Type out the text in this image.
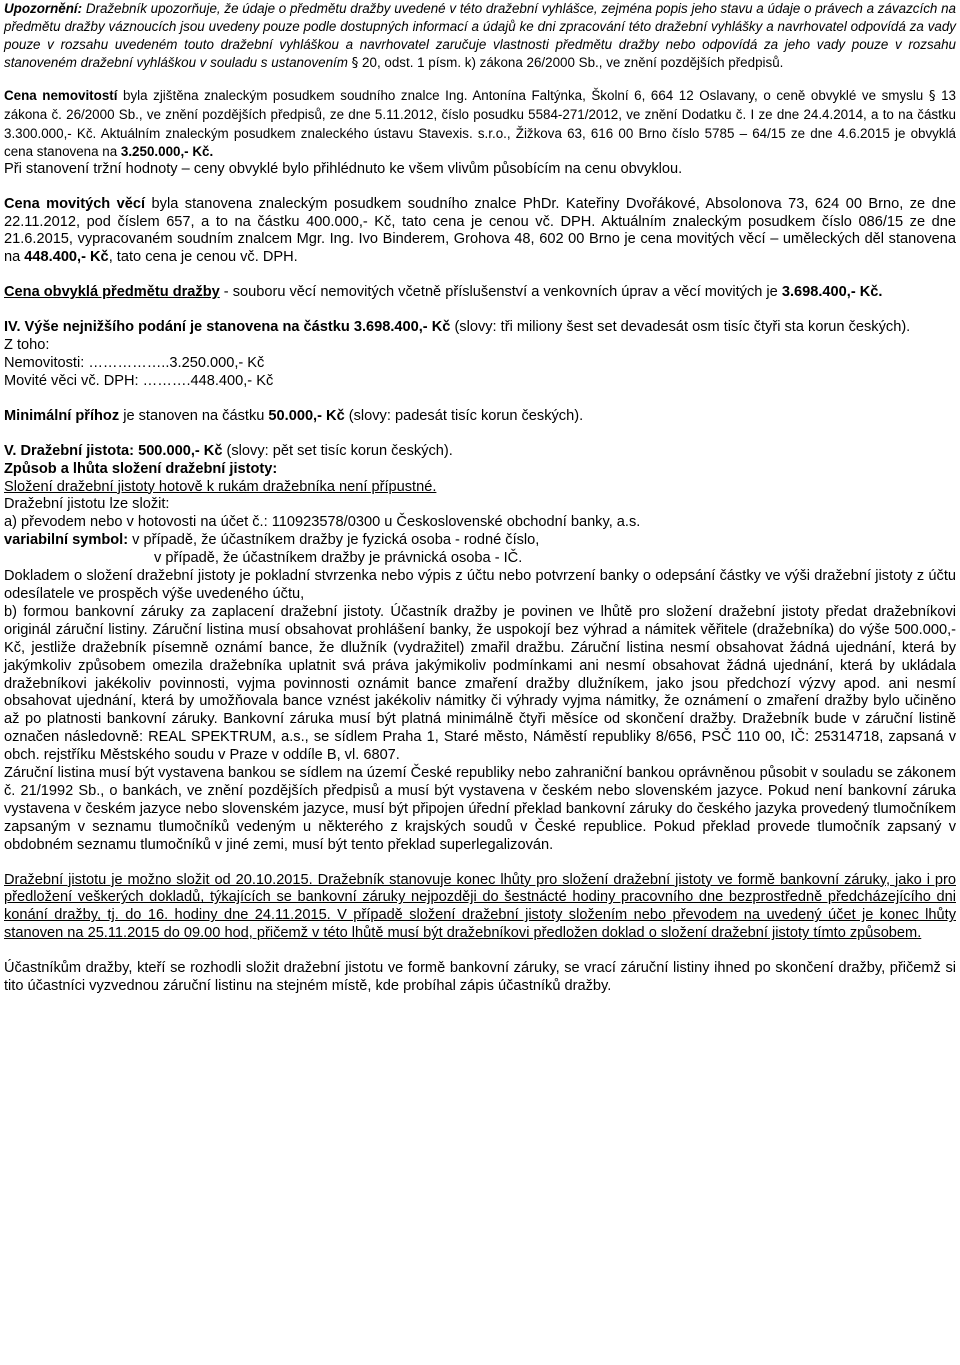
Upozornění: Dražebník upozorňuje, že údaje o předmětu dražby uvedené v této dražební vyhlášce, zejména popis jeho stavu a údaje o právech a závazcích na předmětu dražby váznoucích jsou uvedeny pouze podle dostupných informací a údajů ke dni zpracování této dražební vyhlášky a navrhovatel odpovídá za vady pouze v rozsahu uvedeném touto dražební vyhláškou a navrhovatel zaručuje vlastnosti předmětu dražby nebo odpovídá za jeho vady pouze v rozsahu stanoveném dražební vyhláškou v souladu s ustanovením § 20, odst. 1 písm. k) zákona 26/2000 Sb., ve znění pozdějších předpisů.

Cena nemovitostí byla zjištěna znaleckým posudkem soudního znalce Ing. Antonína Faltýnka, Školní 6, 664 12 Oslavany, o ceně obvyklé ve smyslu § 13 zákona č. 26/2000 Sb., ve znění pozdějších předpisů, ze dne 5.11.2012, číslo posudku 5584-271/2012, ve znění Dodatku č. I ze dne 24.4.2014, a to na částku 3.300.000,- Kč. Aktuálním znaleckým posudkem znaleckého ústavu Stavexis. s.r.o., Žižkova 63, 616 00 Brno číslo 5785 – 64/15 ze dne 4.6.2015 je obvyklá cena stanovena na 3.250.000,- Kč.

Při stanovení tržní hodnoty – ceny obvyklé bylo přihlédnuto ke všem vlivům působícím na cenu obvyklou.

Cena movitých věcí byla stanovena znaleckým posudkem soudního znalce PhDr. Kateřiny Dvořákové, Absolonova 73, 624 00 Brno, ze dne 22.11.2012, pod číslem 657, a to na částku 400.000,- Kč, tato cena je cenou vč. DPH. Aktuálním znaleckým posudkem číslo 086/15 ze dne 21.6.2015, vypracovaném soudním znalcem Mgr. Ing. Ivo Binderem, Grohova 48, 602 00 Brno je cena movitých věcí – uměleckých děl stanovena na 448.400,- Kč, tato cena je cenou vč. DPH.

Cena obvyklá předmětu dražby - souboru věcí nemovitých včetně příslušenství a venkovních úprav a věcí movitých je 3.698.400,- Kč.

IV. Výše nejnižšího podání je stanovena na částku 3.698.400,- Kč (slovy: tři miliony šest set devadesát osm tisíc čtyři sta korun českých).

Z toho:

Nemovitosti: ……………..3.250.000,- Kč

Movité věci vč. DPH: ……….448.400,- Kč

Minimální příhoz je stanoven na částku 50.000,- Kč (slovy: padesát tisíc korun českých).

V. Dražební jistota: 500.000,- Kč (slovy: pět set tisíc korun českých).

Způsob a lhůta složení dražební jistoty:

Složení dražební jistoty hotově k rukám dražebníka není přípustné.

Dražební jistotu lze složit:

a) převodem nebo v hotovosti na účet č.: 110923578/0300 u Československé obchodní banky, a.s.

variabilní symbol: v případě, že účastníkem dražby je fyzická osoba - rodné číslo,

v případě, že účastníkem dražby je právnická osoba - IČ.

Dokladem o složení dražební jistoty je pokladní stvrzenka nebo výpis z účtu nebo potvrzení banky o odepsání částky ve výši dražební jistoty z účtu odesílatele ve prospěch výše uvedeného účtu,

b) formou bankovní záruky za zaplacení dražební jistoty. Účastník dražby je povinen ve lhůtě pro složení dražební jistoty předat dražebníkovi originál záruční listiny. Záruční listina musí obsahovat prohlášení banky, že uspokojí bez výhrad a námitek věřitele (dražebníka) do výše 500.000,- Kč, jestliže dražebník písemně oznámí bance, že dlužník (vydražitel) zmařil dražbu. Záruční listina nesmí obsahovat žádná ujednání, která by jakýmkoliv způsobem omezila dražebníka uplatnit svá práva jakýmikoliv podmínkami ani nesmí obsahovat žádná ujednání, která by ukládala dražebníkovi jakékoliv povinnosti, vyjma povinnosti oznámit bance zmaření dražby dlužníkem, jako jsou předchozí výzvy apod. ani nesmí obsahovat ujednání, která by umožňovala bance vznést jakékoliv námitky či výhrady vyjma námitky, že oznámení o zmaření dražby bylo učiněno až po platnosti bankovní záruky. Bankovní záruka musí být platná minimálně čtyři měsíce od skončení dražby. Dražebník bude v záruční listině označen následovně: REAL SPEKTRUM, a.s., se sídlem Praha 1, Staré město, Náměstí republiky 8/656, PSČ 110 00, IČ: 25314718, zapsaná v obch. rejstříku Městského soudu v Praze v oddíle B, vl. 6807.

Záruční listina musí být vystavena bankou se sídlem na území České republiky nebo zahraniční bankou oprávněnou působit v souladu se zákonem č. 21/1992 Sb., o bankách, ve znění pozdějších předpisů a musí být vystavena v českém nebo slovenském jazyce. Pokud není bankovní záruka vystavena v českém jazyce nebo slovenském jazyce, musí být připojen úřední překlad bankovní záruky do českého jazyka provedený tlumočníkem zapsaným v seznamu tlumočníků vedeným u některého z krajských soudů v České republice. Pokud překlad provede tlumočník zapsaný v obdobném seznamu tlumočníků v jiné zemi, musí být tento překlad superlegalizován.

Dražební jistotu je možno složit od 20.10.2015. Dražebník stanovuje konec lhůty pro složení dražební jistoty ve formě bankovní záruky, jako i pro předložení veškerých dokladů, týkajících se bankovní záruky nejpozději do šestnácté hodiny pracovního dne bezprostředně předcházejícího dni konání dražby, tj. do 16. hodiny dne 24.11.2015. V případě složení dražební jistoty složením nebo převodem na uvedený účet je konec lhůty stanoven na 25.11.2015 do 09.00 hod, přičemž v této lhůtě musí být dražebníkovi předložen doklad o složení dražební jistoty tímto způsobem.

Účastníkům dražby, kteří se rozhodli složit dražební jistotu ve formě bankovní záruky, se vrací záruční listiny ihned po skončení dražby, přičemž si tito účastníci vyzvednou záruční listinu na stejném místě, kde probíhal zápis účastníků dražby.
